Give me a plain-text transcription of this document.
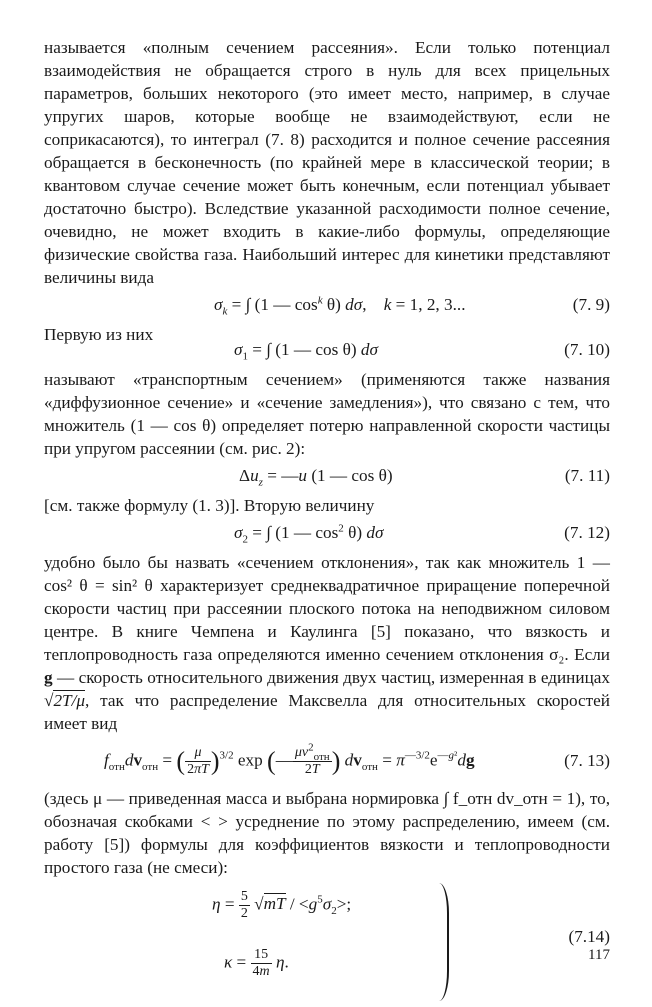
называется «полным сечением рассеяния». Если только потенциал взаимодействия не обращается строго в нуль для всех прицельных параметров, больших некоторого (это имеет место, например, в случае упругих шаров, которые вообще не взаимодействуют, если не соприкасаются), то интеграл (7. 8) расходится и полное сечение рассеяния обращается в бесконечность (по крайней мере в классической теории; в квантовом случае сечение может быть конечным, если потенциал убывает достаточно быстро). Вследствие указанной расходимости полное сечение, очевидно, не может входить в какие-либо формулы, определяющие физические свойства газа. Наибольший интерес для кинетики представляют величины вида

$\sigma_k$ = ∫ (1 — $\cos^k \theta$) dσ,    k = 1, 2, 3...	(7. 9)

Первую из них

$\sigma_1$ = ∫ (1 — cos θ) dσ	(7. 10)

называют «транспортным сечением» (применяются также названия «диффузионное сечение» и «сечение замедления»), что связано с тем, что множитель (1 — cos θ) определяет потерю направленной скорости частицы при упругом рассеянии (см. рис. 2):

$\Delta u_z$ = —u (1 — cos θ)	(7. 11)

[см. также формулу (1. 3)]. Вторую величину

$\sigma_2$ = ∫ (1 — $\cos^2 \theta$) dσ	(7. 12)

удобно было бы назвать «сечением отклонения», так как множитель 1 — cos² θ = sin² θ характеризует среднеквадратичное приращение поперечной скорости частиц при рассеянии плоского потока на неподвижном силовом центре. В книге Чемпена и Каулинга [5] показано, что вязкость и теплопроводность газа определяются именно сечением отклонения σ₂. Если g — скорость относительного движения двух частиц, измеренная в единицах √2T/μ, так что распределение Максвелла для относительных скоростей имеет вид

$f_{отн}dv_{отн}$ = ( $\frac{\mu}{2\pi T} )^{3/2}$ exp (— $\frac{\mu v^2_{отн}}{2T}$ ) $dv_{отн} = \pi^{—3/2}e^{—g^2}dg$	(7. 13)

(здесь μ — приведенная масса и выбрана нормировка ∫ f_отн dv_отн = 1), то, обозначая скобками < > усреднение по этому распределению, имеем (см. работу [5]) формулы для коэффициентов вязкости и теплопроводности простого газа (не смеси):

$\eta = \frac{5}{2} √mT / <g^5\sigma_2>$;
$\kappa = \frac{15}{4m} \eta$.
(7.14)
117
